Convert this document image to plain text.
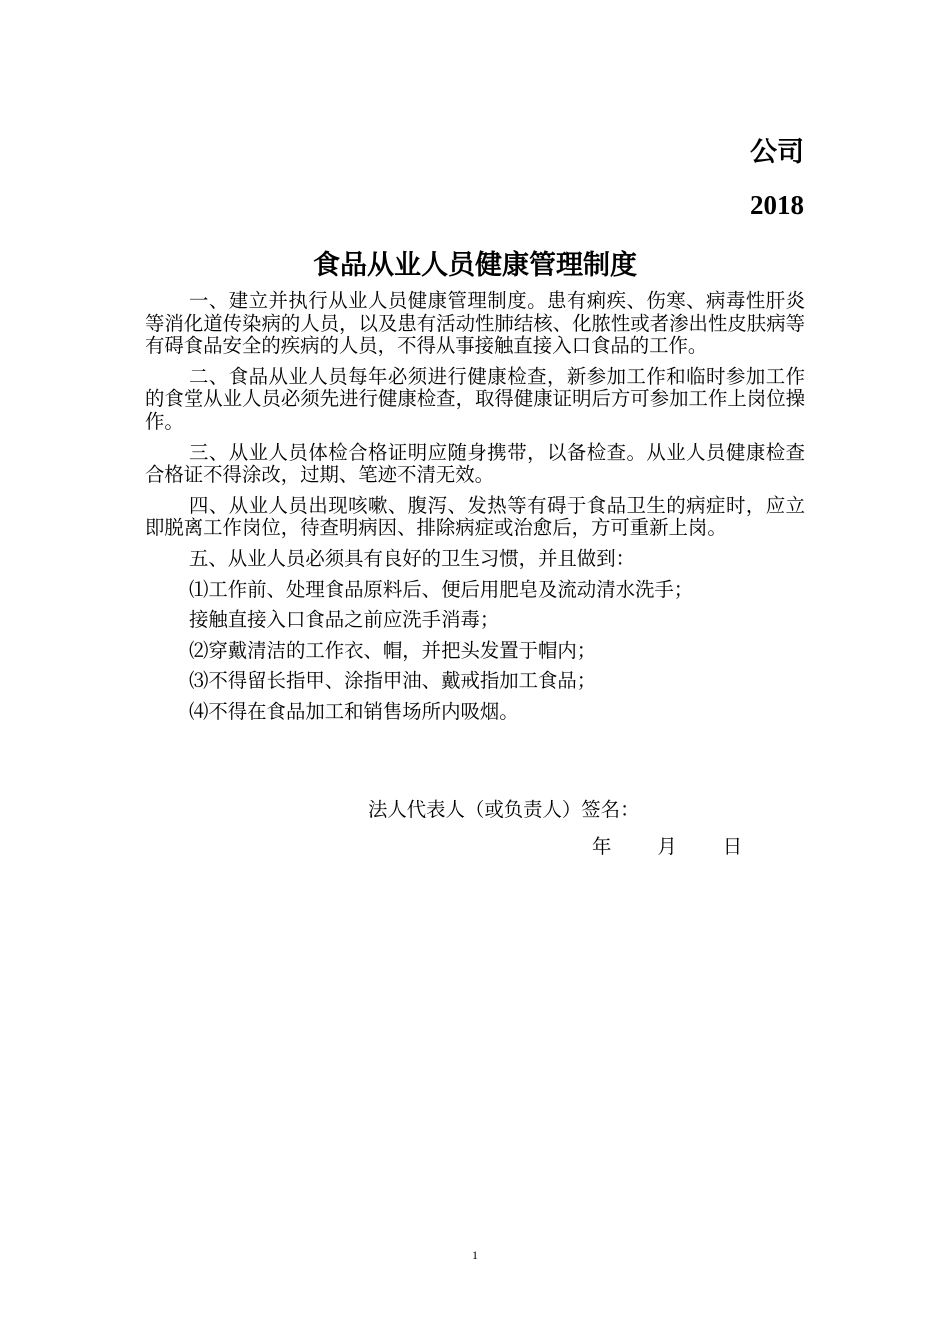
公司
2018
食品从业人员健康管理制度

一、建立并执行从业人员健康管理制度。患有痢疾、伤寒、病毒性肝炎等消化道传染病的人员，以及患有活动性肺结核、化脓性或者渗出性皮肤病等有碍食品安全的疾病的人员，不得从事接触直接入口食品的工作。

二、食品从业人员每年必须进行健康检查，新参加工作和临时参加工作的食堂从业人员必须先进行健康检查，取得健康证明后方可参加工作上岗位操作。

三、从业人员体检合格证明应随身携带，以备检查。从业人员健康检查合格证不得涂改，过期、笔迹不清无效。

四、从业人员出现咳嗽、腹泻、发热等有碍于食品卫生的病症时，应立即脱离工作岗位，待查明病因、排除病症或治愈后，方可重新上岗。

五、从业人员必须具有良好的卫生习惯，并且做到：

⑴工作前、处理食品原料后、便后用肥皂及流动清水洗手；
接触直接入口食品之前应洗手消毒；
⑵穿戴清洁的工作衣、帽，并把头发置于帽内；
⑶不得留长指甲、涂指甲油、戴戒指加工食品；
⑷不得在食品加工和销售场所内吸烟。
法人代表人（或负责人）签名：
年 月 日
1
